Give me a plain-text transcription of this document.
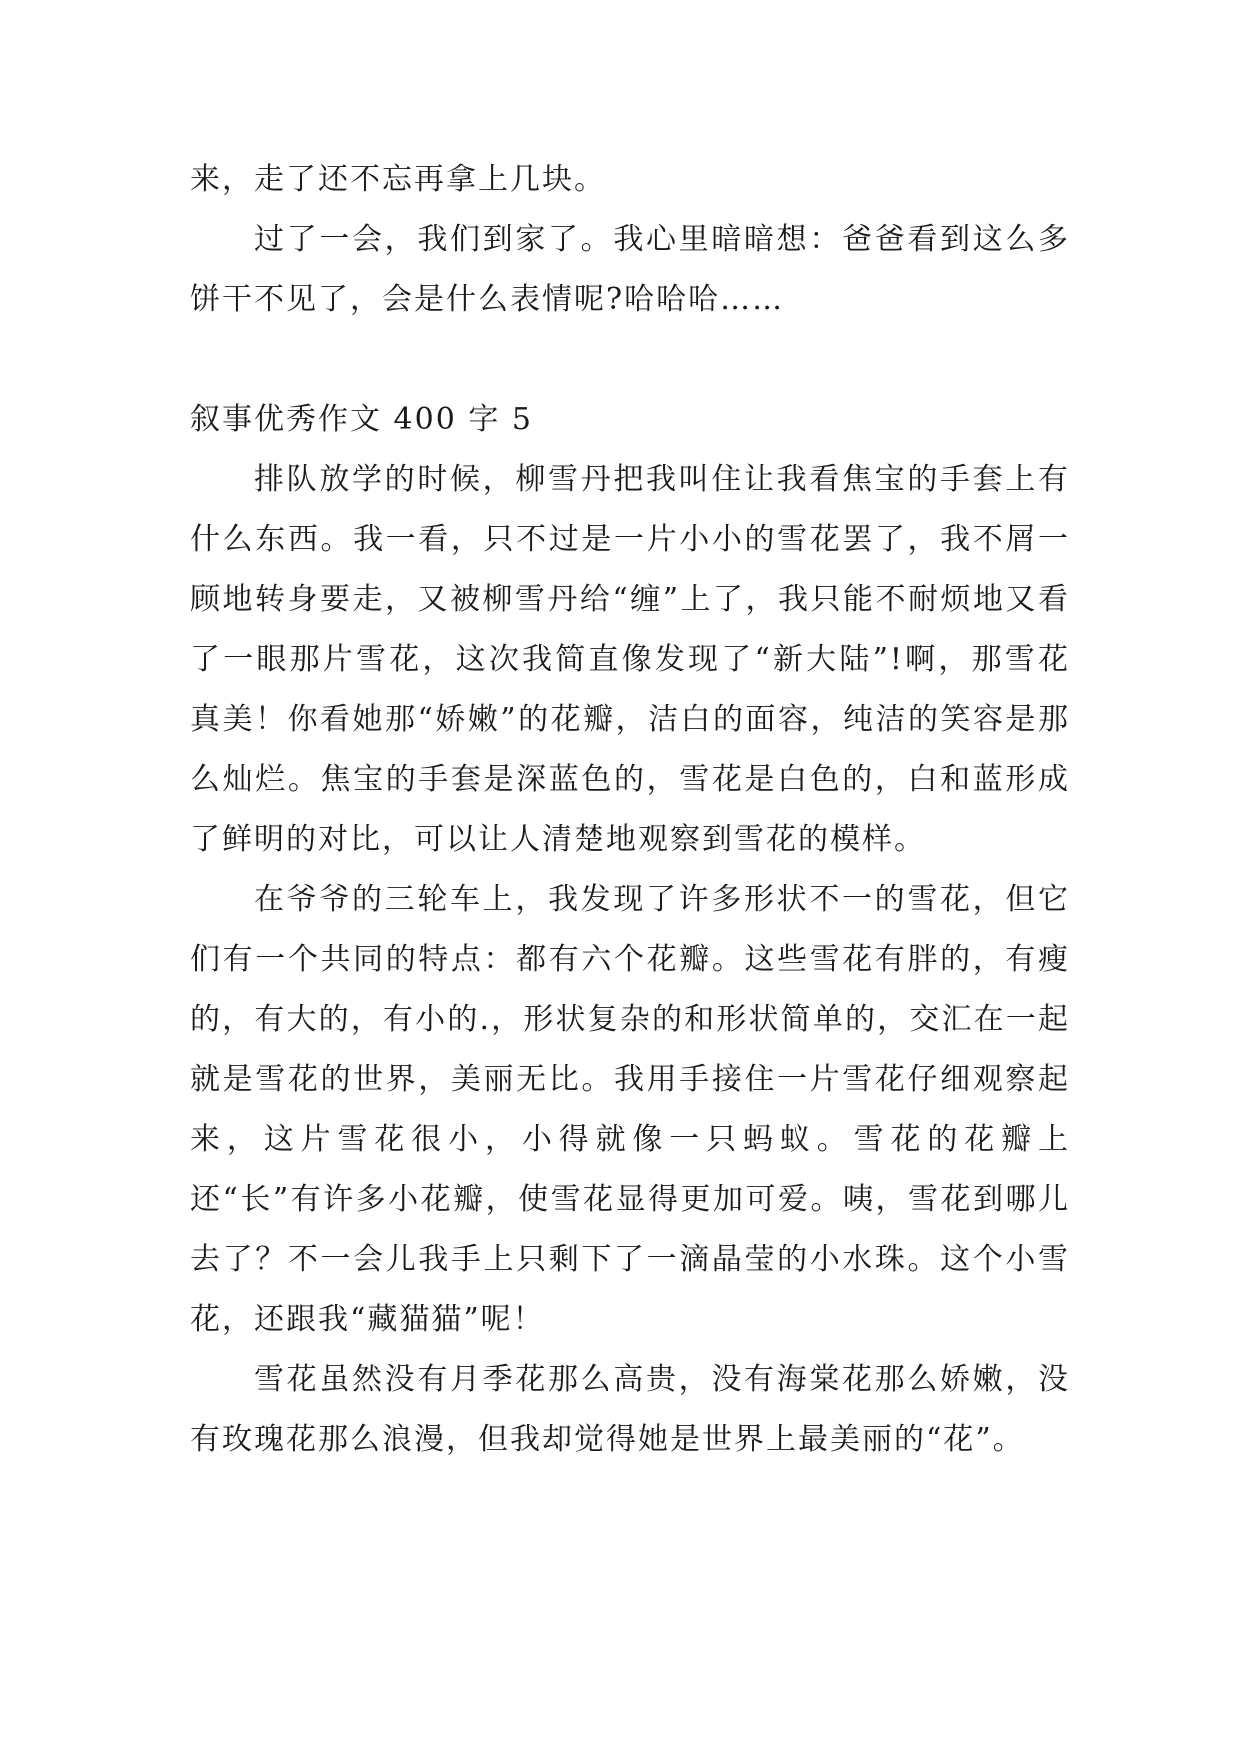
来，走了还不忘再拿上几块。

过了一会，我们到家了。我心里暗暗想：爸爸看到这么多饼干不见了，会是什么表情呢?哈哈哈……

叙事优秀作文 400 字 5

排队放学的时候，柳雪丹把我叫住让我看焦宝的手套上有什么东西。我一看，只不过是一片小小的雪花罢了，我不屑一顾地转身要走，又被柳雪丹给“缠”上了，我只能不耐烦地又看了一眼那片雪花，这次我简直像发现了“新大陆”!啊，那雪花真美！你看她那“娇嫩”的花瓣，洁白的面容，纯洁的笑容是那么灿烂。焦宝的手套是深蓝色的，雪花是白色的，白和蓝形成了鲜明的对比，可以让人清楚地观察到雪花的模样。

在爷爷的三轮车上，我发现了许多形状不一的雪花，但它们有一个共同的特点：都有六个花瓣。这些雪花有胖的，有瘦的，有大的，有小的.，形状复杂的和形状简单的，交汇在一起就是雪花的世界，美丽无比。我用手接住一片雪花仔细观察起来，这片雪花很小，小得就像一只蚂蚁。雪花的花瓣上还“长”有许多小花瓣，使雪花显得更加可爱。咦，雪花到哪儿去了？不一会儿我手上只剩下了一滴晶莹的小水珠。这个小雪花，还跟我“藏猫猫”呢！

雪花虽然没有月季花那么高贵，没有海棠花那么娇嫩，没有玫瑰花那么浪漫，但我却觉得她是世界上最美丽的“花”。
